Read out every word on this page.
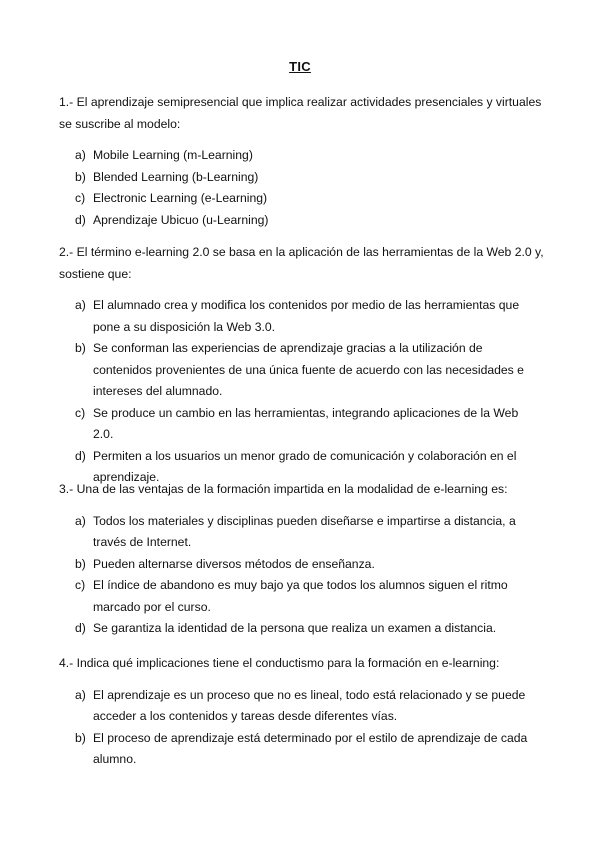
TIC

1.- El aprendizaje semipresencial que implica realizar actividades presenciales y virtuales se suscribe al modelo:

a) Mobile Learning (m-Learning)
b) Blended Learning (b-Learning)
c) Electronic Learning (e-Learning)
d) Aprendizaje Ubicuo (u-Learning)

2.- El término e-learning 2.0 se basa en la aplicación de las herramientas de la Web 2.0 y, sostiene que:

a) El alumnado crea y modifica los contenidos por medio de las herramientas que pone a su disposición la Web 3.0.
b) Se conforman las experiencias de aprendizaje gracias a la utilización de contenidos provenientes de una única fuente de acuerdo con las necesidades e intereses del alumnado.
c) Se produce un cambio en las herramientas, integrando aplicaciones de la Web 2.0.
d) Permiten a los usuarios un menor grado de comunicación y colaboración en el aprendizaje.

3.- Una de las ventajas de la formación impartida en la modalidad de e-learning es:

a) Todos los materiales y disciplinas pueden diseñarse e impartirse a distancia, a través de Internet.
b) Pueden alternarse diversos métodos de enseñanza.
c) El índice de abandono es muy bajo ya que todos los alumnos siguen el ritmo marcado por el curso.
d) Se garantiza la identidad de la persona que realiza un examen a distancia.

4.- Indica qué implicaciones tiene el conductismo para la formación en e-learning:

a) El aprendizaje es un proceso que no es lineal, todo está relacionado y se puede acceder a los contenidos y tareas desde diferentes vías.
b) El proceso de aprendizaje está determinado por el estilo de aprendizaje de cada alumno.
